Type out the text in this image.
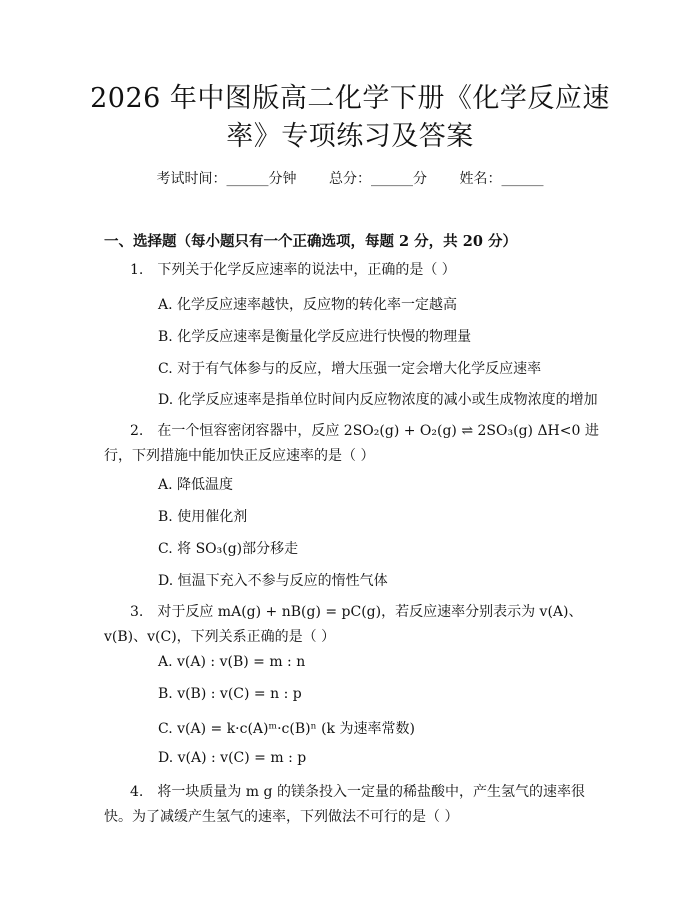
2026 年中图版高二化学下册《化学反应速
率》专项练习及答案
考试时间：______分钟 总分：______分 姓名：______
一、选择题（每小题只有一个正确选项，每题 2 分，共 20 分）
1.　下列关于化学反应速率的说法中，正确的是（ ）
A. 化学反应速率越快，反应物的转化率一定越高
B. 化学反应速率是衡量化学反应进行快慢的物理量
C. 对于有气体参与的反应，增大压强一定会增大化学反应速率
D. 化学反应速率是指单位时间内反应物浓度的减小或生成物浓度的增加
2.　在一个恒容密闭容器中，反应 2SO₂(g) + O₂(g) ⇌ 2SO₃(g) ΔH<0 进行，下列措施中能加快正反应速率的是（ ）
A. 降低温度
B. 使用催化剂
C. 将 SO₃(g)部分移走
D. 恒温下充入不参与反应的惰性气体
3.　对于反应 mA(g) + nB(g) = pC(g)，若反应速率分别表示为 v(A)、v(B)、v(C)，下列关系正确的是（ ）
A. v(A) : v(B) = m : n
B. v(B) : v(C) = n : p
C. v(A) = k·c(A)ᵐ·c(B)ⁿ (k 为速率常数)
D. v(A) : v(C) = m : p
4.　将一块质量为 m g 的镁条投入一定量的稀盐酸中，产生氢气的速率很快。为了减缓产生氢气的速率，下列做法不可行的是（ ）
